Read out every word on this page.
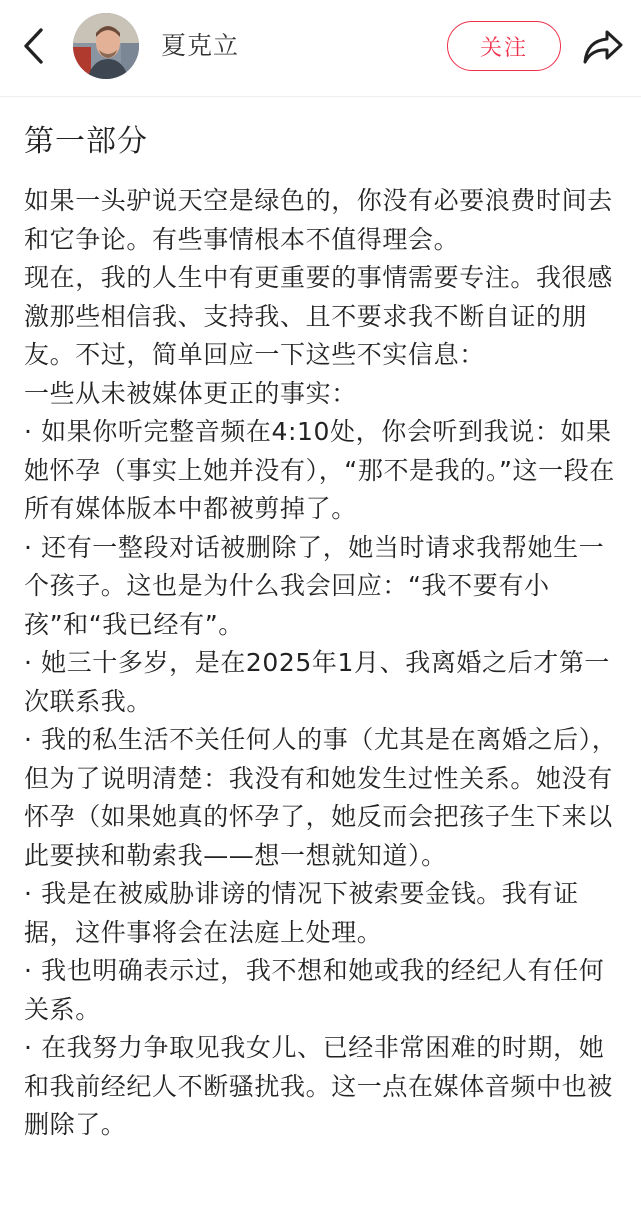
夏克立	关注
第一部分

如果一头驴说天空是绿色的，你没有必要浪费时间去和它争论。有些事情根本不值得理会。

现在，我的人生中有更重要的事情需要专注。我很感激那些相信我、支持我、且不要求我不断自证的朋友。不过，简单回应一下这些不实信息：

一些从未被媒体更正的事实：

· 如果你听完整音频在4:10处，你会听到我说：如果她怀孕（事实上她并没有），“那不是我的。”这一段在所有媒体版本中都被剪掉了。

· 还有一整段对话被删除了，她当时请求我帮她生一个孩子。这也是为什么我会回应：“我不要有小孩”和“我已经有”。

· 她三十多岁，是在2025年1月、我离婚之后才第一次联系我。

· 我的私生活不关任何人的事（尤其是在离婚之后），但为了说明清楚：我没有和她发生过性关系。她没有怀孕（如果她真的怀孕了，她反而会把孩子生下来以此要挟和勒索我——想一想就知道）。

· 我是在被威胁诽谤的情况下被索要金钱。我有证据，这件事将会在法庭上处理。

· 我也明确表示过，我不想和她或我的经纪人有任何关系。

· 在我努力争取见我女儿、已经非常困难的时期，她和我前经纪人不断骚扰我。这一点在媒体音频中也被删除了。
